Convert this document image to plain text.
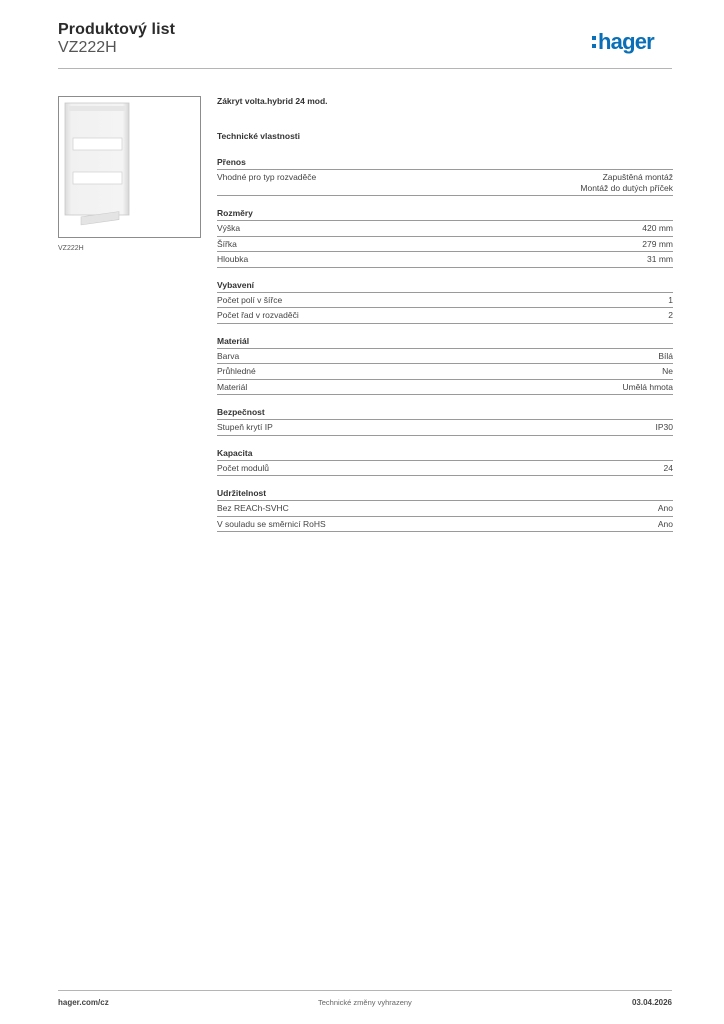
Produktový list
VZ222H	hager
VZ222H
Zákryt volta.hybrid 24 mod.
Technické vlastnosti
Přenos
Vhodné pro typ rozvaděče	Zapuštěná montáž
Montáž do dutých příček
Rozměry
Výška	420 mm
Šířka	279 mm
Hloubka	31 mm
Vybavení
Počet polí v šířce	1
Počet řad v rozvaděči	2
Materiál
Barva	Bílá
Průhledné	Ne
Materiál	Umělá hmota
Bezpečnost
Stupeň krytí IP	IP30
Kapacita
Počet modulů	24
Udržitelnost
Bez REACh-SVHC	Ano
V souladu se směrnicí RoHS	Ano
hager.com/cz	Technické změny vyhrazeny	03.04.2026
